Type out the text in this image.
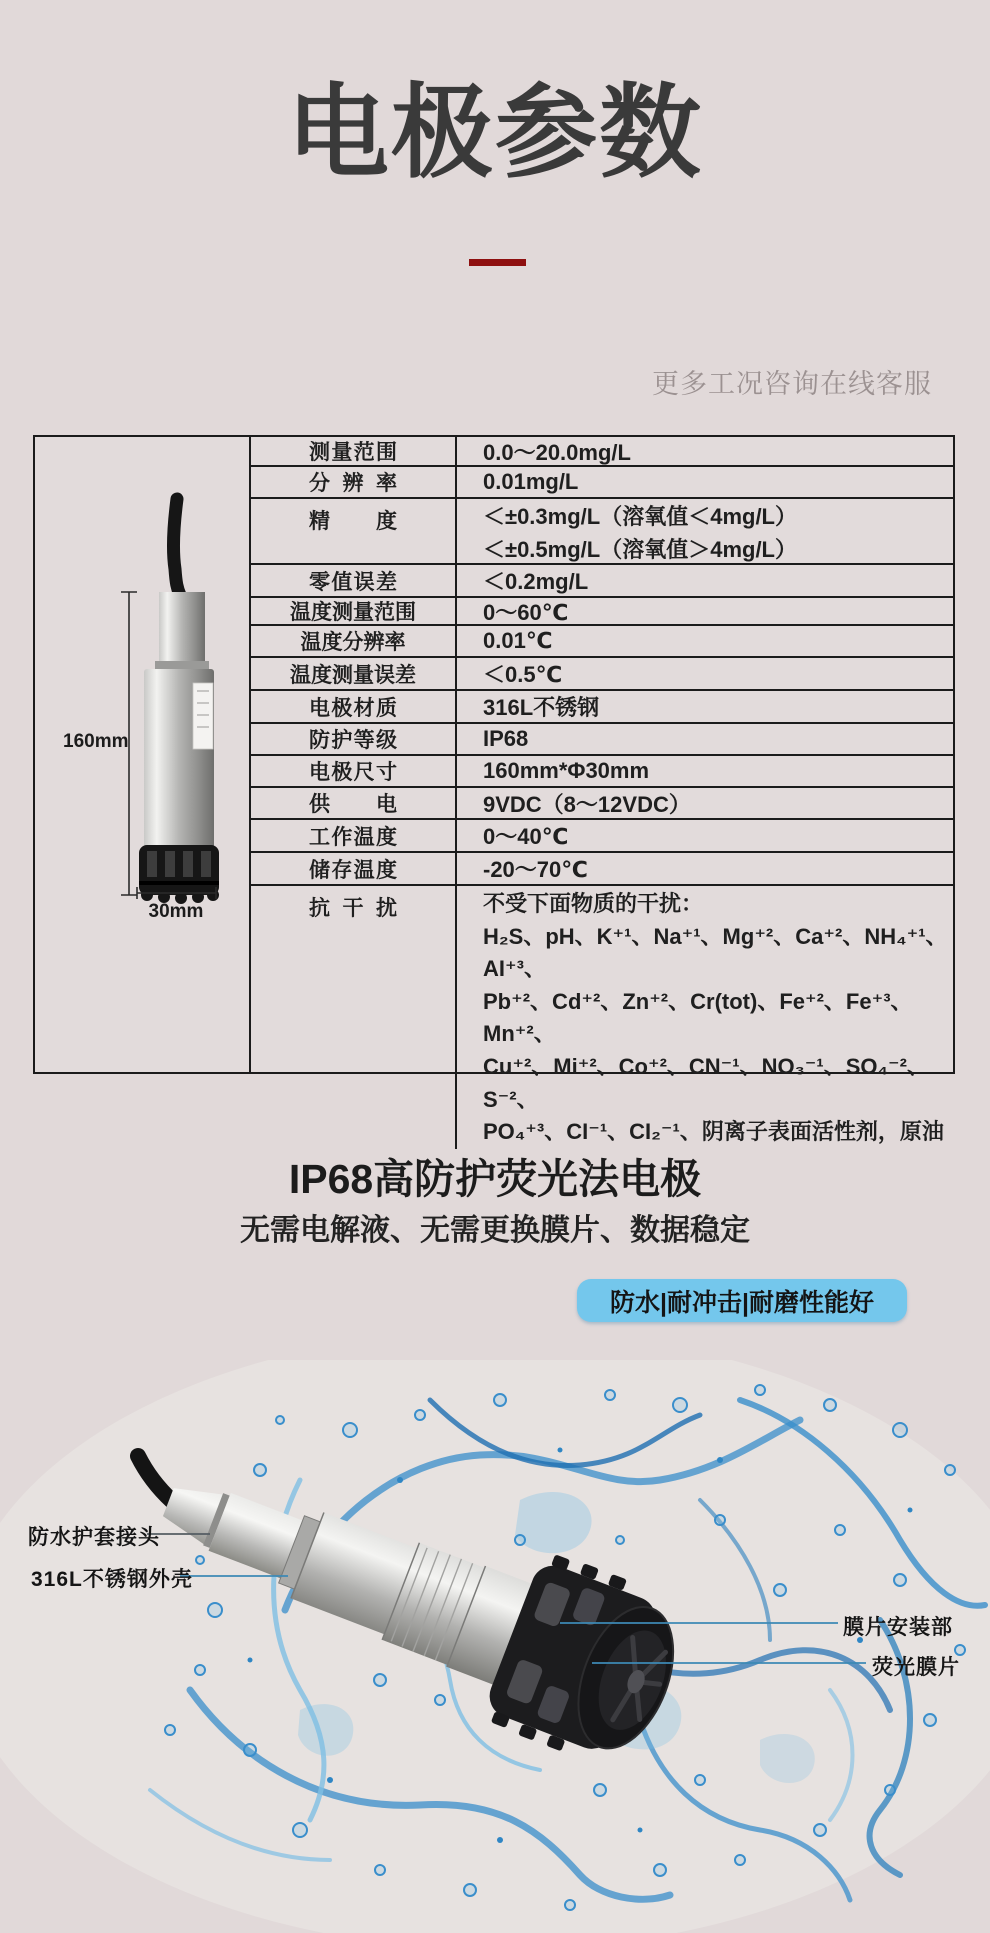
电极参数
更多工况咨询在线客服
160mm
30mm
测量范围	0.0～20.0mg/L
分辨率	0.01mg/L
精度	＜±0.3mg/L（溶氧值＜4mg/L）
＜±0.5mg/L（溶氧值＞4mg/L）
零值误差	＜0.2mg/L
温度测量范围	0～60℃
温度分辨率	0.01℃
温度测量误差	＜0.5℃
电极材质	316L不锈钢
防护等级	IP68
电极尺寸	160mm*Φ30mm
供电	9VDC（8～12VDC）
工作温度	0～40℃
储存温度	-20～70℃
抗干扰	不受下面物质的干扰：
H₂S、pH、K⁺¹、Na⁺¹、Mg⁺²、Ca⁺²、NH₄⁺¹、AI⁺³、
Pb⁺²、Cd⁺²、Zn⁺²、Cr(tot)、Fe⁺²、Fe⁺³、Mn⁺²、
Cu⁺²、Mi⁺²、Co⁺²、CN⁻¹、NO₃⁻¹、SO₄⁻²、S⁻²、
PO₄⁺³、CI⁻¹、CI₂⁻¹、阴离子表面活性剂，原油
IP68高防护荧光法电极
无需电解液、无需更换膜片、数据稳定
防水|耐冲击|耐磨性能好
防水护套接头
316L不锈钢外壳
膜片安装部
荧光膜片
